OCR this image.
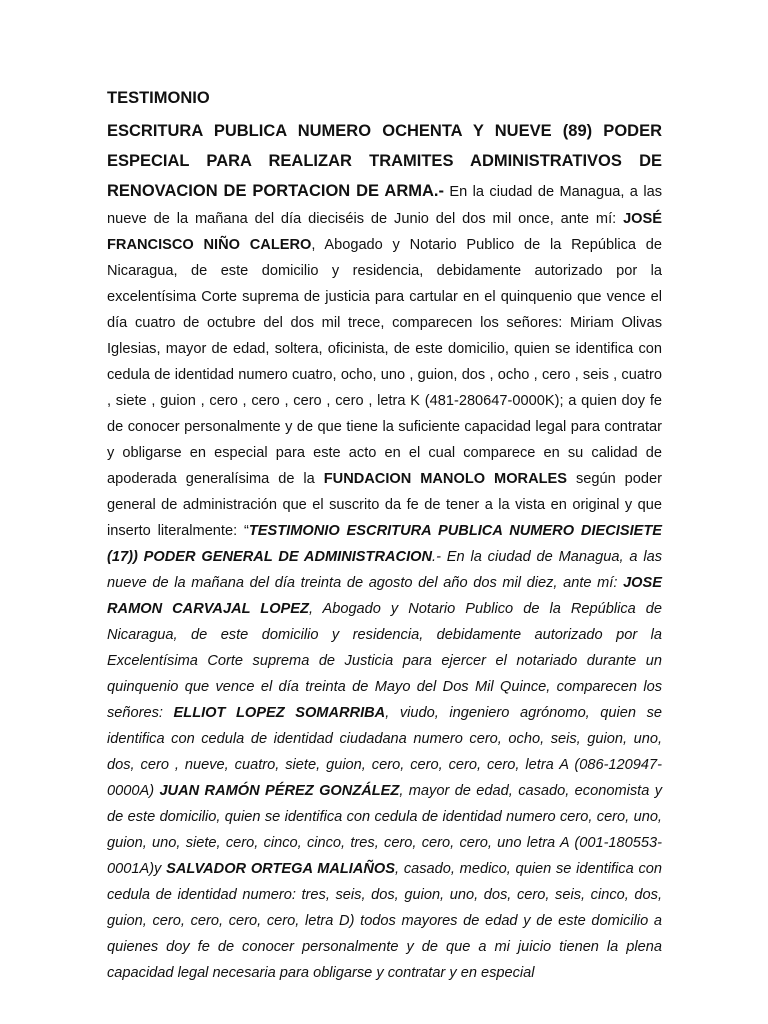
TESTIMONIO

ESCRITURA PUBLICA NUMERO OCHENTA Y NUEVE (89) PODER ESPECIAL PARA REALIZAR TRAMITES ADMINISTRATIVOS DE RENOVACION DE PORTACION DE ARMA.- En la ciudad de Managua, a las nueve de la mañana del día dieciséis de Junio del dos mil once, ante mí: JOSÉ FRANCISCO NIÑO CALERO, Abogado y Notario Publico de la República de Nicaragua, de este domicilio y residencia, debidamente autorizado por la excelentísima Corte suprema de justicia para cartular en el quinquenio que vence el día cuatro de octubre del dos mil trece, comparecen los señores: Miriam Olivas Iglesias, mayor de edad, soltera, oficinista, de este domicilio, quien se identifica con cedula de identidad numero cuatro, ocho, uno , guion, dos , ocho , cero , seis , cuatro , siete , guion , cero , cero , cero , cero , letra K (481-280647-0000K); a quien doy fe de conocer personalmente y de que tiene la suficiente capacidad legal para contratar y obligarse en especial para este acto en el cual comparece en su calidad de apoderada generalísima de la FUNDACION MANOLO MORALES según poder general de administración que el suscrito da fe de tener a la vista en original y que inserto literalmente: “TESTIMONIO ESCRITURA PUBLICA NUMERO DIECISIETE (17)) PODER GENERAL DE ADMINISTRACION.- En la ciudad de Managua, a las nueve de la mañana del día treinta de agosto del año dos mil diez, ante mí: JOSE RAMON CARVAJAL LOPEZ, Abogado y Notario Publico de la República de Nicaragua, de este domicilio y residencia, debidamente autorizado por la Excelentísima Corte suprema de Justicia para ejercer el notariado durante un quinquenio que vence el día treinta de Mayo del Dos Mil Quince, comparecen los señores: ELLIOT LOPEZ SOMARRIBA, viudo, ingeniero agrónomo, quien se identifica con cedula de identidad ciudadana numero cero, ocho, seis, guion, uno, dos, cero , nueve, cuatro, siete, guion, cero, cero, cero, cero, letra A (086-120947-0000A) JUAN RAMÓN PÉREZ GONZÁLEZ, mayor de edad, casado, economista y de este domicilio, quien se identifica con cedula de identidad numero cero, cero, uno, guion, uno, siete, cero, cinco, cinco, tres, cero, cero, cero, uno letra A (001-180553-0001A)y SALVADOR ORTEGA MALIAÑOS, casado, medico, quien se identifica con cedula de identidad numero: tres, seis, dos, guion, uno, dos, cero, seis, cinco, dos, guion, cero, cero, cero, cero, letra D) todos mayores de edad y de este domicilio a quienes doy fe de conocer personalmente y de que a mi juicio tienen la plena capacidad legal necesaria para obligarse y contratar y en especial
